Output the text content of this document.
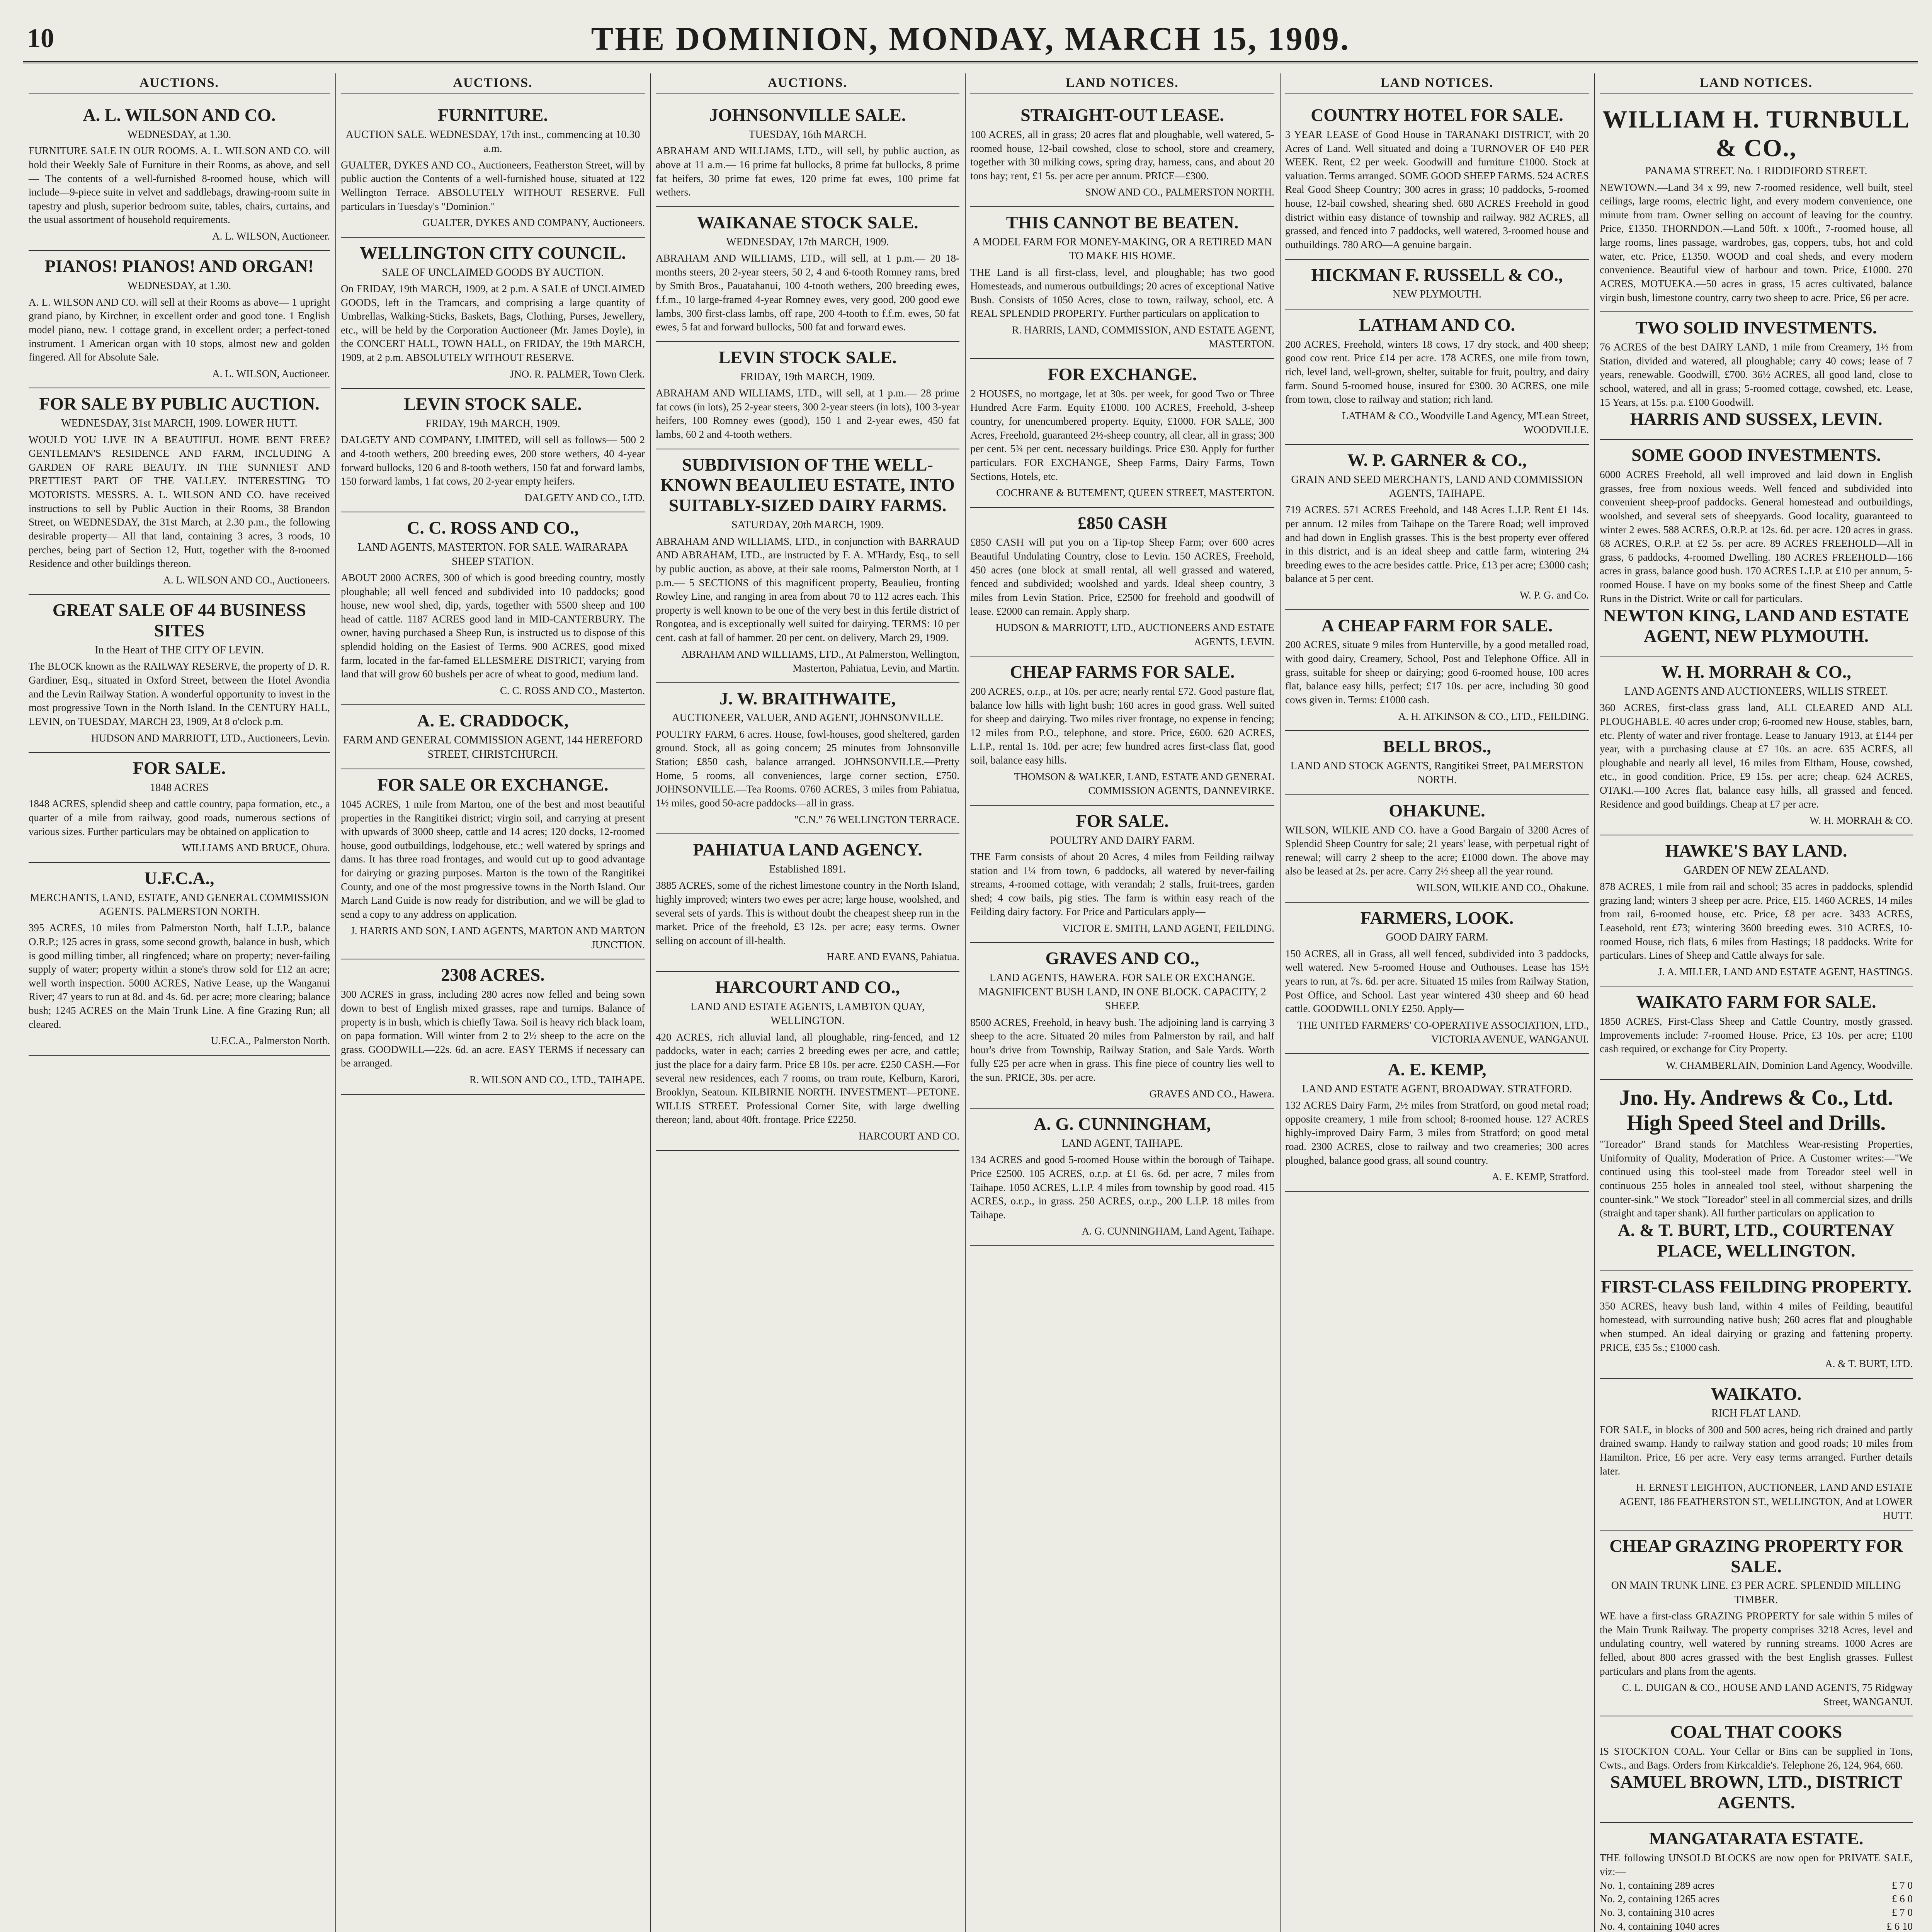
10	THE DOMINION, MONDAY, MARCH 15, 1909.
AUCTIONS.
A. L. WILSON AND CO.
WEDNESDAY, at 1.30.
FURNITURE SALE IN OUR ROOMS. A. L. WILSON AND CO. will hold their Weekly Sale of Furniture in their Rooms, as above, and sell— The contents of a well-furnished 8-roomed house, which will include—9-piece suite in velvet and saddlebags, drawing-room suite in tapestry and plush, superior bedroom suite, tables, chairs, curtains, and the usual assortment of household requirements.
A. L. WILSON, Auctioneer.
PIANOS! PIANOS! AND ORGAN!
WEDNESDAY, at 1.30.
A. L. WILSON AND CO. will sell at their Rooms as above— 1 upright grand piano, by Kirchner, in excellent order and good tone. 1 English model piano, new. 1 cottage grand, in excellent order; a perfect-toned instrument. 1 American organ with 10 stops, almost new and golden fingered. All for Absolute Sale.
A. L. WILSON, Auctioneer.
FOR SALE BY PUBLIC AUCTION.
WEDNESDAY, 31st MARCH, 1909. LOWER HUTT.
WOULD YOU LIVE IN A BEAUTIFUL HOME BENT FREE? GENTLEMAN'S RESIDENCE AND FARM, INCLUDING A GARDEN OF RARE BEAUTY. IN THE SUNNIEST AND PRETTIEST PART OF THE VALLEY. INTERESTING TO MOTORISTS. MESSRS. A. L. WILSON AND CO. have received instructions to sell by Public Auction in their Rooms, 38 Brandon Street, on WEDNESDAY, the 31st March, at 2.30 p.m., the following desirable property— All that land, containing 3 acres, 3 roods, 10 perches, being part of Section 12, Hutt, together with the 8-roomed Residence and other buildings thereon.
A. L. WILSON AND CO., Auctioneers.
GREAT SALE OF 44 BUSINESS SITES
In the Heart of THE CITY OF LEVIN.
The BLOCK known as the RAILWAY RESERVE, the property of D. R. Gardiner, Esq., situated in Oxford Street, between the Hotel Avondia and the Levin Railway Station. A wonderful opportunity to invest in the most progressive Town in the North Island. In the CENTURY HALL, LEVIN, on TUESDAY, MARCH 23, 1909, At 8 o'clock p.m.
HUDSON AND MARRIOTT, LTD., Auctioneers, Levin.
FOR SALE.
1848 ACRES
1848 ACRES, splendid sheep and cattle country, papa formation, etc., a quarter of a mile from railway, good roads, numerous sections of various sizes. Further particulars may be obtained on application to
WILLIAMS AND BRUCE, Ohura.
U.F.C.A.,
MERCHANTS, LAND, ESTATE, AND GENERAL COMMISSION AGENTS. PALMERSTON NORTH.
395 ACRES, 10 miles from Palmerston North, half L.I.P., balance O.R.P.; 125 acres in grass, some second growth, balance in bush, which is good milling timber, all ringfenced; whare on property; never-failing supply of water; property within a stone's throw sold for £12 an acre; well worth inspection. 5000 ACRES, Native Lease, up the Wanganui River; 47 years to run at 8d. and 4s. 6d. per acre; more clearing; balance bush; 1245 ACRES on the Main Trunk Line. A fine Grazing Run; all cleared.
U.F.C.A., Palmerston North.
AUCTIONS.
FURNITURE.
AUCTION SALE. WEDNESDAY, 17th inst., commencing at 10.30 a.m.
GUALTER, DYKES AND CO., Auctioneers, Featherston Street, will by public auction the Contents of a well-furnished house, situated at 122 Wellington Terrace. ABSOLUTELY WITHOUT RESERVE. Full particulars in Tuesday's "Dominion."
GUALTER, DYKES AND COMPANY, Auctioneers.
WELLINGTON CITY COUNCIL.
SALE OF UNCLAIMED GOODS BY AUCTION.
On FRIDAY, 19th MARCH, 1909, at 2 p.m. A SALE of UNCLAIMED GOODS, left in the Tramcars, and comprising a large quantity of Umbrellas, Walking-Sticks, Baskets, Bags, Clothing, Purses, Jewellery, etc., will be held by the Corporation Auctioneer (Mr. James Doyle), in the CONCERT HALL, TOWN HALL, on FRIDAY, the 19th MARCH, 1909, at 2 p.m. ABSOLUTELY WITHOUT RESERVE.
JNO. R. PALMER, Town Clerk.
LEVIN STOCK SALE.
FRIDAY, 19th MARCH, 1909.
DALGETY AND COMPANY, LIMITED, will sell as follows— 500 2 and 4-tooth wethers, 200 breeding ewes, 200 store wethers, 40 4-year forward bullocks, 120 6 and 8-tooth wethers, 150 fat and forward lambs, 150 forward lambs, 1 fat cows, 20 2-year empty heifers.
DALGETY AND CO., LTD.
C. C. ROSS AND CO.,
LAND AGENTS, MASTERTON. FOR SALE. WAIRARAPA SHEEP STATION.
ABOUT 2000 ACRES, 300 of which is good breeding country, mostly ploughable; all well fenced and subdivided into 10 paddocks; good house, new wool shed, dip, yards, together with 5500 sheep and 100 head of cattle. 1187 ACRES good land in MID-CANTERBURY. The owner, having purchased a Sheep Run, is instructed us to dispose of this splendid holding on the Easiest of Terms. 900 ACRES, good mixed farm, located in the far-famed ELLESMERE DISTRICT, varying from land that will grow 60 bushels per acre of wheat to good, medium land.
C. C. ROSS AND CO., Masterton.
A. E. CRADDOCK,
FARM AND GENERAL COMMISSION AGENT, 144 HEREFORD STREET, CHRISTCHURCH.
FOR SALE OR EXCHANGE.
1045 ACRES, 1 mile from Marton, one of the best and most beautiful properties in the Rangitikei district; virgin soil, and carrying at present with upwards of 3000 sheep, cattle and 14 acres; 120 docks, 12-roomed house, good outbuildings, lodgehouse, etc.; well watered by springs and dams. It has three road frontages, and would cut up to good advantage for dairying or grazing purposes. Marton is the town of the Rangitikei County, and one of the most progressive towns in the North Island. Our March Land Guide is now ready for distribution, and we will be glad to send a copy to any address on application.
J. HARRIS AND SON, LAND AGENTS, MARTON AND MARTON JUNCTION.
2308 ACRES.
300 ACRES in grass, including 280 acres now felled and being sown down to best of English mixed grasses, rape and turnips. Balance of property is in bush, which is chiefly Tawa. Soil is heavy rich black loam, on papa formation. Will winter from 2 to 2½ sheep to the acre on the grass. GOODWILL—22s. 6d. an acre. EASY TERMS if necessary can be arranged.
R. WILSON AND CO., LTD., TAIHAPE.
AUCTIONS.
JOHNSONVILLE SALE.
TUESDAY, 16th MARCH.
ABRAHAM AND WILLIAMS, LTD., will sell, by public auction, as above at 11 a.m.— 16 prime fat bullocks, 8 prime fat bullocks, 8 prime fat heifers, 30 prime fat ewes, 120 prime fat ewes, 100 prime fat wethers.
WAIKANAE STOCK SALE.
WEDNESDAY, 17th MARCH, 1909.
ABRAHAM AND WILLIAMS, LTD., will sell, at 1 p.m.— 20 18-months steers, 20 2-year steers, 50 2, 4 and 6-tooth Romney rams, bred by Smith Bros., Pauatahanui, 100 4-tooth wethers, 200 breeding ewes, f.f.m., 10 large-framed 4-year Romney ewes, very good, 200 good ewe lambs, 300 first-class lambs, off rape, 200 4-tooth to f.f.m. ewes, 50 fat ewes, 5 fat and forward bullocks, 500 fat and forward ewes.
LEVIN STOCK SALE.
FRIDAY, 19th MARCH, 1909.
ABRAHAM AND WILLIAMS, LTD., will sell, at 1 p.m.— 28 prime fat cows (in lots), 25 2-year steers, 300 2-year steers (in lots), 100 3-year heifers, 100 Romney ewes (good), 150 1 and 2-year ewes, 450 fat lambs, 60 2 and 4-tooth wethers.
SUBDIVISION OF THE WELL-KNOWN BEAULIEU ESTATE, INTO SUITABLY-SIZED DAIRY FARMS.
SATURDAY, 20th MARCH, 1909.
ABRAHAM AND WILLIAMS, LTD., in conjunction with BARRAUD AND ABRAHAM, LTD., are instructed by F. A. M'Hardy, Esq., to sell by public auction, as above, at their sale rooms, Palmerston North, at 1 p.m.— 5 SECTIONS of this magnificent property, Beaulieu, fronting Rowley Line, and ranging in area from about 70 to 112 acres each. This property is well known to be one of the very best in this fertile district of Rongotea, and is exceptionally well suited for dairying. TERMS: 10 per cent. cash at fall of hammer. 20 per cent. on delivery, March 29, 1909.
ABRAHAM AND WILLIAMS, LTD., At Palmerston, Wellington, Masterton, Pahiatua, Levin, and Martin.
J. W. BRAITHWAITE,
AUCTIONEER, VALUER, AND AGENT, JOHNSONVILLE.
POULTRY FARM, 6 acres. House, fowl-houses, good sheltered, garden ground. Stock, all as going concern; 25 minutes from Johnsonville Station; £850 cash, balance arranged. JOHNSONVILLE.—Pretty Home, 5 rooms, all conveniences, large corner section, £750. JOHNSONVILLE.—Tea Rooms. 0760 ACRES, 3 miles from Pahiatua, 1½ miles, good 50-acre paddocks—all in grass.
"C.N." 76 WELLINGTON TERRACE.
PAHIATUA LAND AGENCY.
Established 1891.
3885 ACRES, some of the richest limestone country in the North Island, highly improved; winters two ewes per acre; large house, woolshed, and several sets of yards. This is without doubt the cheapest sheep run in the market. Price of the freehold, £3 12s. per acre; easy terms. Owner selling on account of ill-health.
HARE AND EVANS, Pahiatua.
HARCOURT AND CO.,
LAND AND ESTATE AGENTS, LAMBTON QUAY, WELLINGTON.
420 ACRES, rich alluvial land, all ploughable, ring-fenced, and 12 paddocks, water in each; carries 2 breeding ewes per acre, and cattle; just the place for a dairy farm. Price £8 10s. per acre. £250 CASH.—For several new residences, each 7 rooms, on tram route, Kelburn, Karori, Brooklyn, Seatoun. KILBIRNIE NORTH. INVESTMENT—PETONE. WILLIS STREET. Professional Corner Site, with large dwelling thereon; land, about 40ft. frontage. Price £2250.
HARCOURT AND CO.
LAND NOTICES.
STRAIGHT-OUT LEASE.
100 ACRES, all in grass; 20 acres flat and ploughable, well watered, 5-roomed house, 12-bail cowshed, close to school, store and creamery, together with 30 milking cows, spring dray, harness, cans, and about 20 tons hay; rent, £1 5s. per acre per annum. PRICE—£300.
SNOW AND CO., PALMERSTON NORTH.
THIS CANNOT BE BEATEN.
A MODEL FARM FOR MONEY-MAKING, OR A RETIRED MAN TO MAKE HIS HOME.
THE Land is all first-class, level, and ploughable; has two good Homesteads, and numerous outbuildings; 20 acres of exceptional Native Bush. Consists of 1050 Acres, close to town, railway, school, etc. A REAL SPLENDID PROPERTY. Further particulars on application to
R. HARRIS, LAND, COMMISSION, AND ESTATE AGENT, MASTERTON.
FOR EXCHANGE.
2 HOUSES, no mortgage, let at 30s. per week, for good Two or Three Hundred Acre Farm. Equity £1000. 100 ACRES, Freehold, 3-sheep country, for unencumbered property. Equity, £1000. FOR SALE, 300 Acres, Freehold, guaranteed 2½-sheep country, all clear, all in grass; 300 per cent. 5¾ per cent. necessary buildings. Price £30. Apply for further particulars. FOR EXCHANGE, Sheep Farms, Dairy Farms, Town Sections, Hotels, etc.
COCHRANE & BUTEMENT, QUEEN STREET, MASTERTON.
£850 CASH
£850 CASH will put you on a Tip-top Sheep Farm; over 600 acres Beautiful Undulating Country, close to Levin. 150 ACRES, Freehold, 450 acres (one block at small rental, all well grassed and watered, fenced and subdivided; woolshed and yards. Ideal sheep country, 3 miles from Levin Station. Price, £2500 for freehold and goodwill of lease. £2000 can remain. Apply sharp.
HUDSON & MARRIOTT, LTD., AUCTIONEERS AND ESTATE AGENTS, LEVIN.
CHEAP FARMS FOR SALE.
200 ACRES, o.r.p., at 10s. per acre; nearly rental £72. Good pasture flat, balance low hills with light bush; 160 acres in good grass. Well suited for sheep and dairying. Two miles river frontage, no expense in fencing; 12 miles from P.O., telephone, and store. Price, £600. 620 ACRES, L.I.P., rental 1s. 10d. per acre; few hundred acres first-class flat, good soil, balance easy hills.
THOMSON & WALKER, LAND, ESTATE AND GENERAL COMMISSION AGENTS, DANNEVIRKE.
FOR SALE.
POULTRY AND DAIRY FARM.
THE Farm consists of about 20 Acres, 4 miles from Feilding railway station and 1¼ from town, 6 paddocks, all watered by never-failing streams, 4-roomed cottage, with verandah; 2 stalls, fruit-trees, garden shed; 4 cow bails, pig sties. The farm is within easy reach of the Feilding dairy factory. For Price and Particulars apply—
VICTOR E. SMITH, LAND AGENT, FEILDING.
GRAVES AND CO.,
LAND AGENTS, HAWERA. FOR SALE OR EXCHANGE. MAGNIFICENT BUSH LAND, IN ONE BLOCK. CAPACITY, 2 SHEEP.
8500 ACRES, Freehold, in heavy bush. The adjoining land is carrying 3 sheep to the acre. Situated 20 miles from Palmerston by rail, and half hour's drive from Township, Railway Station, and Sale Yards. Worth fully £25 per acre when in grass. This fine piece of country lies well to the sun. PRICE, 30s. per acre.
GRAVES AND CO., Hawera.
A. G. CUNNINGHAM,
LAND AGENT, TAIHAPE.
134 ACRES and good 5-roomed House within the borough of Taihape. Price £2500. 105 ACRES, o.r.p. at £1 6s. 6d. per acre, 7 miles from Taihape. 1050 ACRES, L.I.P. 4 miles from township by good road. 415 ACRES, o.r.p., in grass. 250 ACRES, o.r.p., 200 L.I.P. 18 miles from Taihape.
A. G. CUNNINGHAM, Land Agent, Taihape.
LAND NOTICES.
COUNTRY HOTEL FOR SALE.
3 YEAR LEASE of Good House in TARANAKI DISTRICT, with 20 Acres of Land. Well situated and doing a TURNOVER OF £40 PER WEEK. Rent, £2 per week. Goodwill and furniture £1000. Stock at valuation. Terms arranged. SOME GOOD SHEEP FARMS. 524 ACRES Real Good Sheep Country; 300 acres in grass; 10 paddocks, 5-roomed house, 12-bail cowshed, shearing shed. 680 ACRES Freehold in good district within easy distance of township and railway. 982 ACRES, all grassed, and fenced into 7 paddocks, well watered, 3-roomed house and outbuildings. 780 ARO—A genuine bargain.
HICKMAN F. RUSSELL & CO.,
NEW PLYMOUTH.
LATHAM AND CO.
200 ACRES, Freehold, winters 18 cows, 17 dry stock, and 400 sheep; good cow rent. Price £14 per acre. 178 ACRES, one mile from town, rich, level land, well-grown, shelter, suitable for fruit, poultry, and dairy farm. Sound 5-roomed house, insured for £300. 30 ACRES, one mile from town, close to railway and station; rich land.
LATHAM & CO., Woodville Land Agency, M'Lean Street, WOODVILLE.
W. P. GARNER & CO.,
GRAIN AND SEED MERCHANTS, LAND AND COMMISSION AGENTS, TAIHAPE.
719 ACRES. 571 ACRES Freehold, and 148 Acres L.I.P. Rent £1 14s. per annum. 12 miles from Taihape on the Tarere Road; well improved and had down in English grasses. This is the best property ever offered in this district, and is an ideal sheep and cattle farm, wintering 2¼ breeding ewes to the acre besides cattle. Price, £13 per acre; £3000 cash; balance at 5 per cent.
W. P. G. and Co.
A CHEAP FARM FOR SALE.
200 ACRES, situate 9 miles from Hunterville, by a good metalled road, with good dairy, Creamery, School, Post and Telephone Office. All in grass, suitable for sheep or dairying; good 6-roomed house, 100 acres flat, balance easy hills, perfect; £17 10s. per acre, including 30 good cows given in. Terms: £1000 cash.
A. H. ATKINSON & CO., LTD., FEILDING.
BELL BROS.,
LAND AND STOCK AGENTS, Rangitikei Street, PALMERSTON NORTH.
OHAKUNE.
WILSON, WILKIE AND CO. have a Good Bargain of 3200 Acres of Splendid Sheep Country for sale; 21 years' lease, with perpetual right of renewal; will carry 2 sheep to the acre; £1000 down. The above may also be leased at 2s. per acre. Carry 2½ sheep all the year round.
WILSON, WILKIE AND CO., Ohakune.
FARMERS, LOOK.
GOOD DAIRY FARM.
150 ACRES, all in Grass, all well fenced, subdivided into 3 paddocks, well watered. New 5-roomed House and Outhouses. Lease has 15½ years to run, at 7s. 6d. per acre. Situated 15 miles from Railway Station, Post Office, and School. Last year wintered 430 sheep and 60 head cattle. GOODWILL ONLY £250. Apply—
THE UNITED FARMERS' CO-OPERATIVE ASSOCIATION, LTD., VICTORIA AVENUE, WANGANUI.
A. E. KEMP,
LAND AND ESTATE AGENT, BROADWAY. STRATFORD.
132 ACRES Dairy Farm, 2½ miles from Stratford, on good metal road; opposite creamery, 1 mile from school; 8-roomed house. 127 ACRES highly-improved Dairy Farm, 3 miles from Stratford; on good metal road. 2300 ACRES, close to railway and two creameries; 300 acres ploughed, balance good grass, all sound country.
A. E. KEMP, Stratford.
LAND NOTICES.
WILLIAM H. TURNBULL & CO.,
PANAMA STREET. No. 1 RIDDIFORD STREET.
NEWTOWN.—Land 34 x 99, new 7-roomed residence, well built, steel ceilings, large rooms, electric light, and every modern convenience, one minute from tram. Owner selling on account of leaving for the country. Price, £1350. THORNDON.—Land 50ft. x 100ft., 7-roomed house, all large rooms, lines passage, wardrobes, gas, coppers, tubs, hot and cold water, etc. Price, £1350. WOOD and coal sheds, and every modern convenience. Beautiful view of harbour and town. Price, £1000. 270 ACRES, MOTUEKA.—50 acres in grass, 15 acres cultivated, balance virgin bush, limestone country, carry two sheep to acre. Price, £6 per acre.
TWO SOLID INVESTMENTS.
76 ACRES of the best DAIRY LAND, 1 mile from Creamery, 1½ from Station, divided and watered, all ploughable; carry 40 cows; lease of 7 years, renewable. Goodwill, £700. 36½ ACRES, all good land, close to school, watered, and all in grass; 5-roomed cottage, cowshed, etc. Lease, 15 Years, at 15s. p.a. £100 Goodwill.
HARRIS AND SUSSEX, LEVIN.
SOME GOOD INVESTMENTS.
6000 ACRES Freehold, all well improved and laid down in English grasses, free from noxious weeds. Well fenced and subdivided into convenient sheep-proof paddocks. General homestead and outbuildings, woolshed, and several sets of sheepyards. Good locality, guaranteed to winter 2 ewes. 588 ACRES, O.R.P. at 12s. 6d. per acre. 120 acres in grass. 68 ACRES, O.R.P. at £2 5s. per acre. 89 ACRES FREEHOLD—All in grass, 6 paddocks, 4-roomed Dwelling. 180 ACRES FREEHOLD—166 acres in grass, balance good bush. 170 ACRES L.I.P. at £10 per annum, 5-roomed House. I have on my books some of the finest Sheep and Cattle Runs in the District. Write or call for particulars.
NEWTON KING, LAND AND ESTATE AGENT, NEW PLYMOUTH.
W. H. MORRAH & CO.,
LAND AGENTS AND AUCTIONEERS, WILLIS STREET.
360 ACRES, first-class grass land, ALL CLEARED AND ALL PLOUGHABLE. 40 acres under crop; 6-roomed new House, stables, barn, etc. Plenty of water and river frontage. Lease to January 1913, at £144 per year, with a purchasing clause at £7 10s. an acre. 635 ACRES, all ploughable and nearly all level, 16 miles from Eltham, House, cowshed, etc., in good condition. Price, £9 15s. per acre; cheap. 624 ACRES, OTAKI.—100 Acres flat, balance easy hills, all grassed and fenced. Residence and good buildings. Cheap at £7 per acre.
W. H. MORRAH & CO.
HAWKE'S BAY LAND.
GARDEN OF NEW ZEALAND.
878 ACRES, 1 mile from rail and school; 35 acres in paddocks, splendid grazing land; winters 3 sheep per acre. Price, £15. 1460 ACRES, 14 miles from rail, 6-roomed house, etc. Price, £8 per acre. 3433 ACRES, Leasehold, rent £73; wintering 3600 breeding ewes. 310 ACRES, 10-roomed House, rich flats, 6 miles from Hastings; 18 paddocks. Write for particulars. Lines of Sheep and Cattle always for sale.
J. A. MILLER, LAND AND ESTATE AGENT, HASTINGS.
WAIKATO FARM FOR SALE.
1850 ACRES, First-Class Sheep and Cattle Country, mostly grassed. Improvements include: 7-roomed House. Price, £3 10s. per acre; £100 cash required, or exchange for City Property.
W. CHAMBERLAIN, Dominion Land Agency, Woodville.
Jno. Hy. Andrews & Co., Ltd.
High Speed Steel and Drills.
"Toreador" Brand stands for Matchless Wear-resisting Properties, Uniformity of Quality, Moderation of Price. A Customer writes:—"We continued using this tool-steel made from Toreador steel well in continuous 255 holes in annealed tool steel, without sharpening the counter-sink." We stock "Toreador" steel in all commercial sizes, and drills (straight and taper shank). All further particulars on application to
A. & T. BURT, LTD., COURTENAY PLACE, WELLINGTON.
FIRST-CLASS FEILDING PROPERTY.
350 ACRES, heavy bush land, within 4 miles of Feilding, beautiful homestead, with surrounding native bush; 260 acres flat and ploughable when stumped. An ideal dairying or grazing and fattening property. PRICE, £35 5s.; £1000 cash.
A. & T. BURT, LTD.
WAIKATO.
RICH FLAT LAND.
FOR SALE, in blocks of 300 and 500 acres, being rich drained and partly drained swamp. Handy to railway station and good roads; 10 miles from Hamilton. Price, £6 per acre. Very easy terms arranged. Further details later.
H. ERNEST LEIGHTON, AUCTIONEER, LAND AND ESTATE AGENT, 186 FEATHERSTON ST., WELLINGTON, And at LOWER HUTT.
CHEAP GRAZING PROPERTY FOR SALE.
ON MAIN TRUNK LINE. £3 PER ACRE. SPLENDID MILLING TIMBER.
WE have a first-class GRAZING PROPERTY for sale within 5 miles of the Main Trunk Railway. The property comprises 3218 Acres, level and undulating country, well watered by running streams. 1000 Acres are felled, about 800 acres grassed with the best English grasses. Fullest particulars and plans from the agents.
C. L. DUIGAN & CO., HOUSE AND LAND AGENTS, 75 Ridgway Street, WANGANUI.
COAL THAT COOKS
IS STOCKTON COAL. Your Cellar or Bins can be supplied in Tons, Cwts., and Bags. Orders from Kirkcaldie's. Telephone 26, 124, 964, 660.
SAMUEL BROWN, LTD., DISTRICT AGENTS.
MANGATARATA ESTATE.
THE following UNSOLD BLOCKS are now open for PRIVATE SALE, viz:—
No. 1, containing 289 acres	£ 7 0
No. 2, containing 1265 acres	£ 6 0
No. 3, containing 310 acres	£ 7 0
No. 4, containing 1040 acres	£ 6 10
